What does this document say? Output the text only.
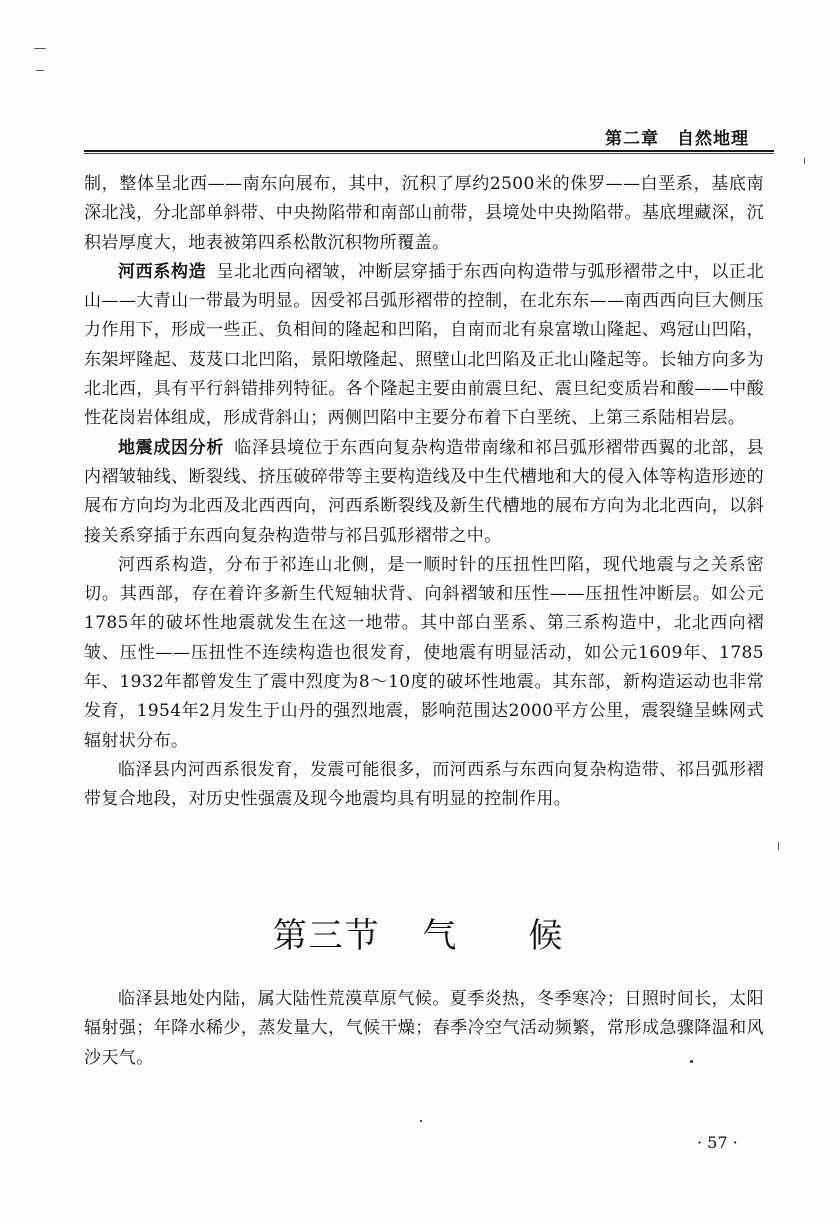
第二章　自然地理

制，整体呈北西——南东向展布，其中，沉积了厚约2500米的侏罗——白垩系，基底南深北浅，分北部单斜带、中央拗陷带和南部山前带，县境处中央拗陷带。基底埋藏深，沉积岩厚度大，地表被第四系松散沉积物所覆盖。

河西系构造 呈北北西向褶皱，冲断层穿插于东西向构造带与弧形褶带之中，以正北山——大青山一带最为明显。因受祁吕弧形褶带的控制，在北东东——南西西向巨大侧压力作用下，形成一些正、负相间的隆起和凹陷，自南而北有泉富墩山隆起、鸡冠山凹陷，东架坪隆起、芨芨口北凹陷，景阳墩隆起、照壁山北凹陷及正北山隆起等。长轴方向多为北北西，具有平行斜错排列特征。各个隆起主要由前震旦纪、震旦纪变质岩和酸——中酸性花岗岩体组成，形成背斜山；两侧凹陷中主要分布着下白垩统、上第三系陆相岩层。

地震成因分析 临泽县境位于东西向复杂构造带南缘和祁吕弧形褶带西翼的北部，县内褶皱轴线、断裂线、挤压破碎带等主要构造线及中生代槽地和大的侵入体等构造形迹的展布方向均为北西及北西西向，河西系断裂线及新生代槽地的展布方向为北北西向，以斜接关系穿插于东西向复杂构造带与祁吕弧形褶带之中。

河西系构造，分布于祁连山北侧，是一顺时针的压扭性凹陷，现代地震与之关系密切。其西部，存在着许多新生代短轴状背、向斜褶皱和压性——压扭性冲断层。如公元1785年的破坏性地震就发生在这一地带。其中部白垩系、第三系构造中，北北西向褶皱、压性——压扭性不连续构造也很发育，使地震有明显活动，如公元1609年、1785年、1932年都曾发生了震中烈度为8～10度的破坏性地震。其东部，新构造运动也非常发育，1954年2月发生于山丹的强烈地震，影响范围达2000平方公里，震裂缝呈蛛网式辐射状分布。

临泽县内河西系很发育，发震可能很多，而河西系与东西向复杂构造带、祁吕弧形褶带复合地段，对历史性强震及现今地震均具有明显的控制作用。

第三节 气 候

临泽县地处内陆，属大陆性荒漠草原气候。夏季炎热，冬季寒冷；日照时间长，太阳辐射强；年降水稀少，蒸发量大，气候干燥；春季冷空气活动频繁，常形成急骤降温和风沙天气。

· 57 ·
